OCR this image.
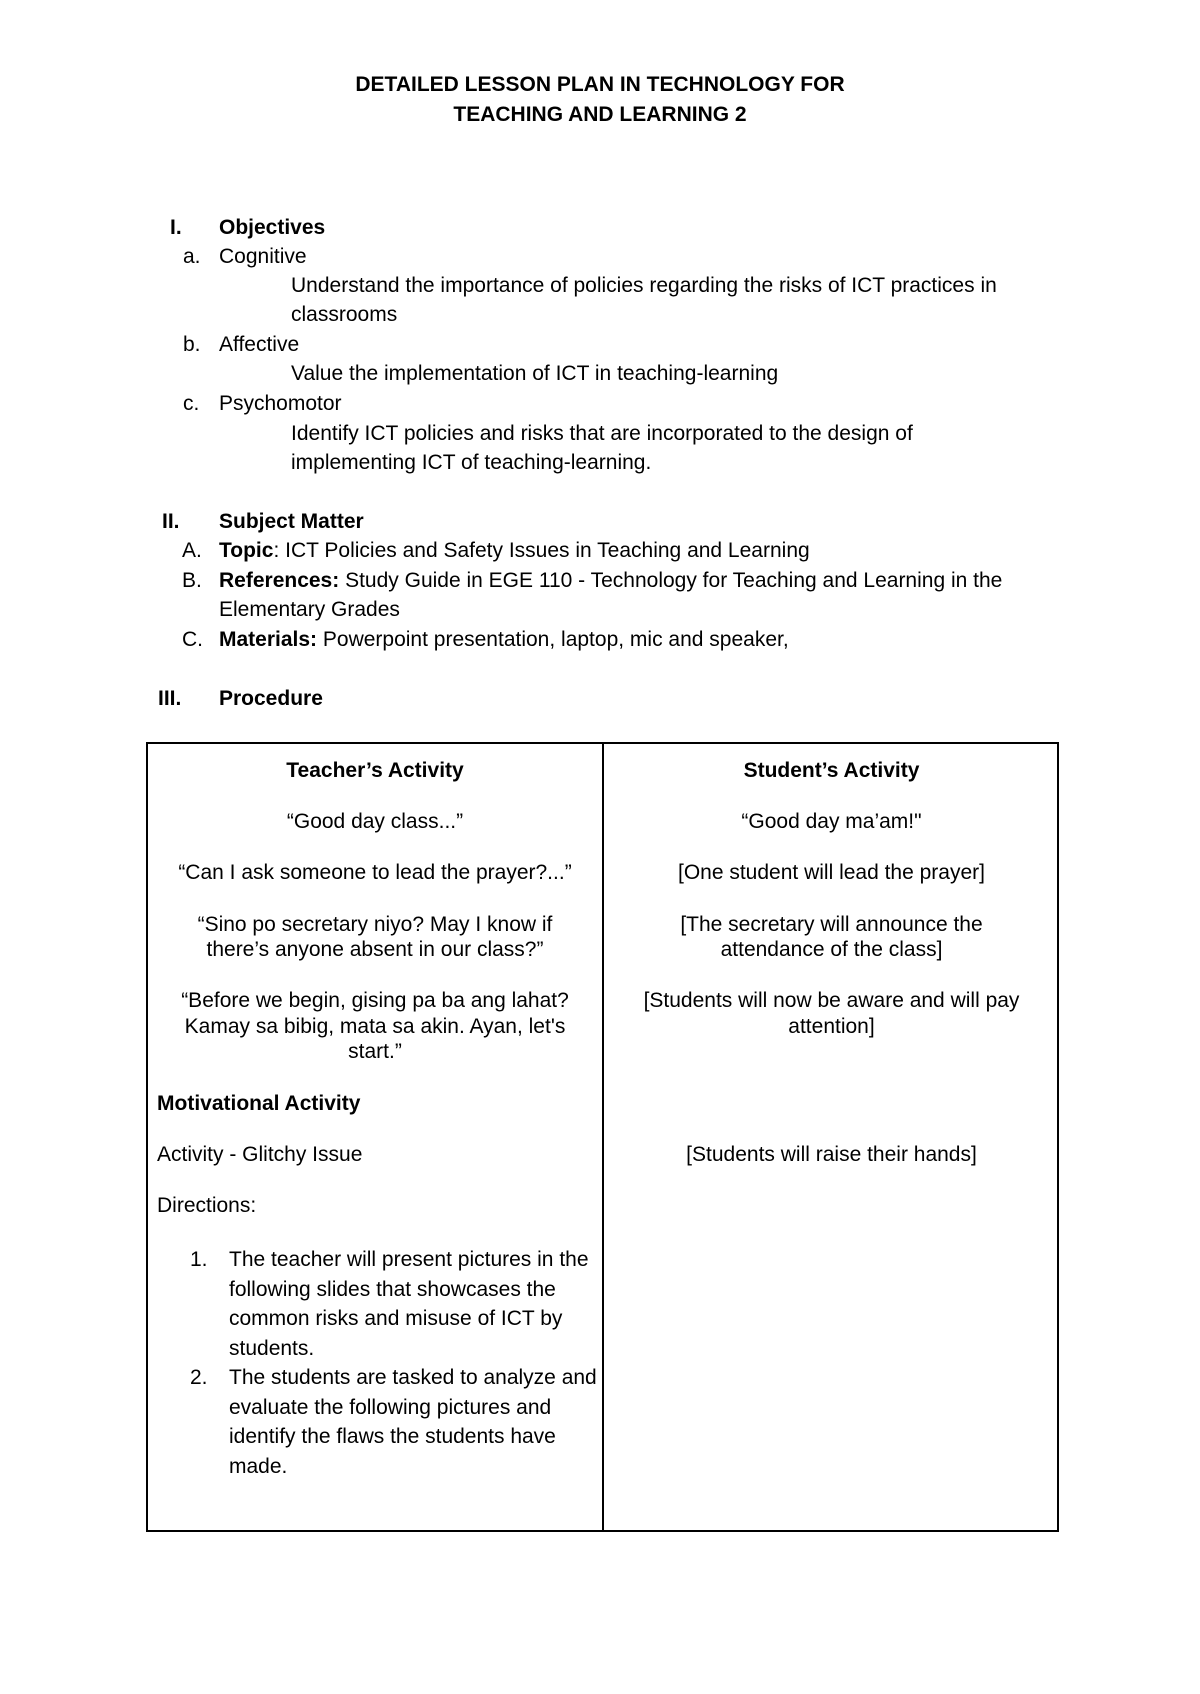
DETAILED LESSON PLAN IN TECHNOLOGY FOR
TEACHING AND LEARNING 2
I. Objectives
a. Cognitive
Understand the importance of policies regarding the risks of ICT practices in
classrooms
b. Affective
Value the implementation of ICT in teaching-learning
c. Psychomotor
Identify ICT policies and risks that are incorporated to the design of
implementing ICT of teaching-learning.
II. Subject Matter
A. Topic: ICT Policies and Safety Issues in Teaching and Learning
B. References: Study Guide in EGE 110 - Technology for Teaching and Learning in the
Elementary Grades
C. Materials: Powerpoint presentation, laptop, mic and speaker,
III. Procedure
Teacher’s Activity	Student’s Activity
“Good day class...”
“Can I ask someone to lead the prayer?...”
“Sino po secretary niyo? May I know if
there’s anyone absent in our class?”
“Before we begin, gising pa ba ang lahat?
Kamay sa bibig, mata sa akin. Ayan, let's
start.”
Motivational Activity
Activity - Glitchy Issue
Directions:
1. The teacher will present pictures in the following slides that showcases the common risks and misuse of ICT by students.
2. The students are tasked to analyze and evaluate the following pictures and identify the flaws the students have made.
“Good day ma’am!"
[One student will lead the prayer]
[The secretary will announce the
attendance of the class]
[Students will now be aware and will pay
attention]
[Students will raise their hands]
